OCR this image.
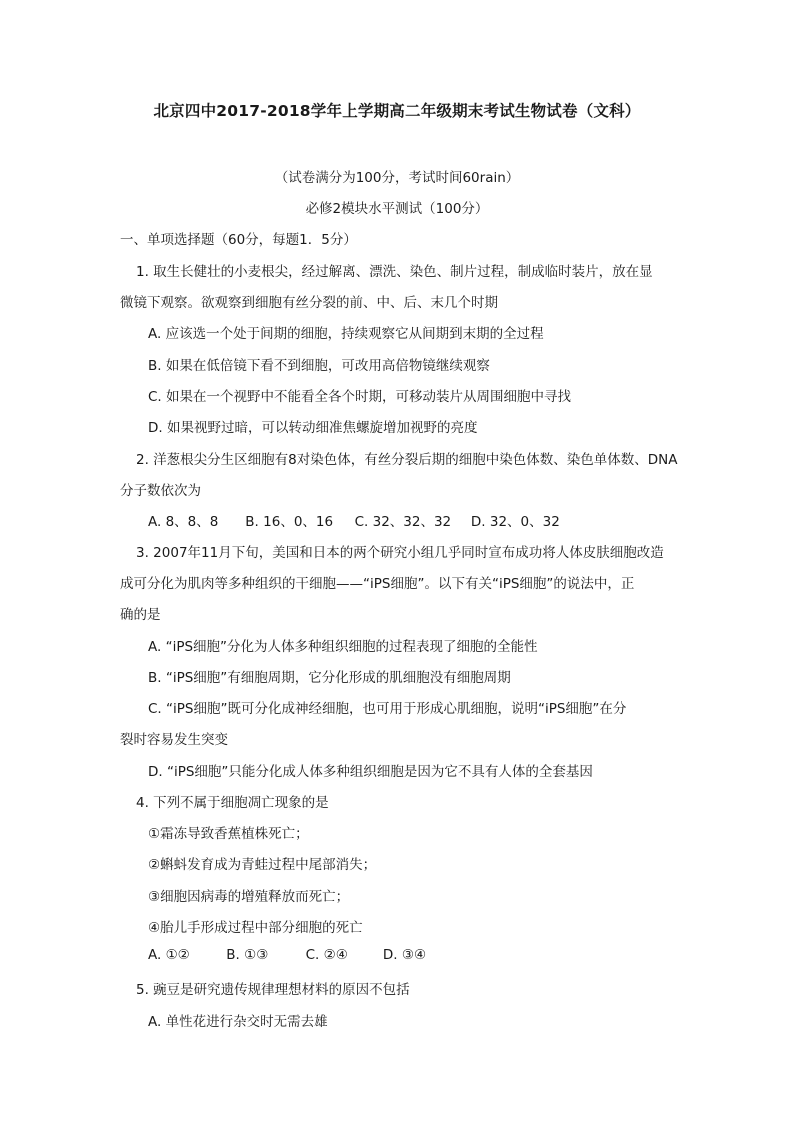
北京四中2017-2018学年上学期高二年级期末考试生物试卷（文科）
（试卷满分为100分，考试时间60rain）
必修2模块水平测试（100分）
一、单项选择题（60分，每题1．5分）
1. 取生长健壮的小麦根尖，经过解离、漂洗、染色、制片过程，制成临时装片，放在显
微镜下观察。欲观察到细胞有丝分裂的前、中、后、末几个时期
A. 应该选一个处于间期的细胞，持续观察它从间期到末期的全过程
B. 如果在低倍镜下看不到细胞，可改用高倍物镜继续观察
C. 如果在一个视野中不能看全各个时期，可移动装片从周围细胞中寻找
D. 如果视野过暗，可以转动细准焦螺旋增加视野的亮度
2. 洋葱根尖分生区细胞有8对染色体，有丝分裂后期的细胞中染色体数、染色单体数、DNA
分子数依次为
A. 8、8、8 B. 16、0、16 C. 32、32、32 D. 32、0、32
3. 2007年11月下旬，美国和日本的两个研究小组几乎同时宣布成功将人体皮肤细胞改造
成可分化为肌肉等多种组织的干细胞——“iPS细胞”。以下有关“iPS细胞”的说法中，正
确的是
A. “iPS细胞”分化为人体多种组织细胞的过程表现了细胞的全能性
B. “iPS细胞”有细胞周期，它分化形成的肌细胞没有细胞周期
C. “iPS细胞”既可分化成神经细胞，也可用于形成心肌细胞，说明“iPS细胞”在分
裂时容易发生突变
D. “iPS细胞”只能分化成人体多种组织细胞是因为它不具有人体的全套基因
4. 下列不属于细胞凋亡现象的是
①霜冻导致香蕉植株死亡；
②蝌蚪发育成为青蛙过程中尾部消失；
③细胞因病毒的增殖释放而死亡；
④胎儿手形成过程中部分细胞的死亡
A. ①②	B. ①③	C. ②④	D. ③④
5. 豌豆是研究遗传规律理想材料的原因不包括
A. 单性花进行杂交时无需去雄
